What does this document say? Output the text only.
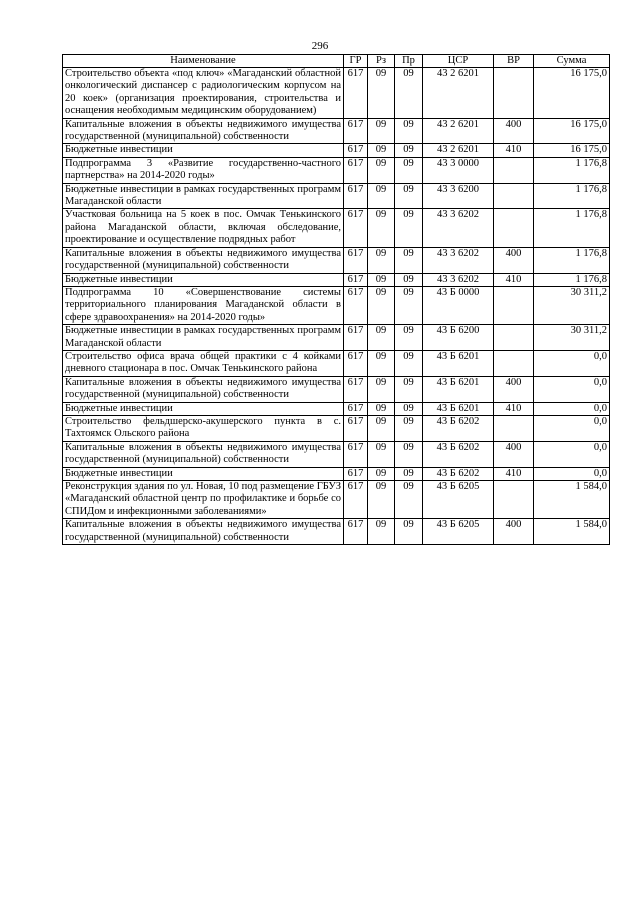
296
Наименование	ГР	Рз	Пр	ЦСР	ВР	Сумма
Строительство объекта «под ключ» «Магаданский областной онкологический диспансер с радиологическим корпусом на 20 коек» (организация проектирования, строительства и оснащения необходимым медицинским оборудованием)	617	09	09	43 2 6201		16 175,0
Капитальные вложения в объекты недвижимого имущества государственной (муниципальной) собственности	617	09	09	43 2 6201	400	16 175,0
Бюджетные инвестиции	617	09	09	43 2 6201	410	16 175,0
Подпрограмма 3 «Развитие государственно-частного партнерства» на 2014-2020 годы»	617	09	09	43 3 0000		1 176,8
Бюджетные инвестиции в рамках государственных программ Магаданской области	617	09	09	43 3 6200		1 176,8
Участковая больница на 5 коек в пос. Омчак Тенькинского района Магаданской области, включая обследование, проектирование и осуществление подрядных работ	617	09	09	43 3 6202		1 176,8
Капитальные вложения в объекты недвижимого имущества государственной (муниципальной) собственности	617	09	09	43 3 6202	400	1 176,8
Бюджетные инвестиции	617	09	09	43 3 6202	410	1 176,8
Подпрограмма 10 «Совершенствование системы территориального планирования Магаданской области в сфере здравоохранения» на 2014-2020 годы»	617	09	09	43 Б 0000		30 311,2
Бюджетные инвестиции в рамках государственных программ Магаданской области	617	09	09	43 Б 6200		30 311,2
Строительство офиса врача общей практики с 4 койками дневного стационара в пос. Омчак Тенькинского района	617	09	09	43 Б 6201		0,0
Капитальные вложения в объекты недвижимого имущества государственной (муниципальной) собственности	617	09	09	43 Б 6201	400	0,0
Бюджетные инвестиции	617	09	09	43 Б 6201	410	0,0
Строительство фельдшерско-акушерского пункта в с. Тахтоямск Ольского района	617	09	09	43 Б 6202		0,0
Капитальные вложения в объекты недвижимого имущества государственной (муниципальной) собственности	617	09	09	43 Б 6202	400	0,0
Бюджетные инвестиции	617	09	09	43 Б 6202	410	0,0
Реконструкция здания по ул. Новая, 10 под размещение ГБУЗ «Магаданский областной центр по профилактике и борьбе со СПИДом и инфекционными заболеваниями»	617	09	09	43 Б 6205		1 584,0
Капитальные вложения в объекты недвижимого имущества государственной (муниципальной) собственности	617	09	09	43 Б 6205	400	1 584,0
